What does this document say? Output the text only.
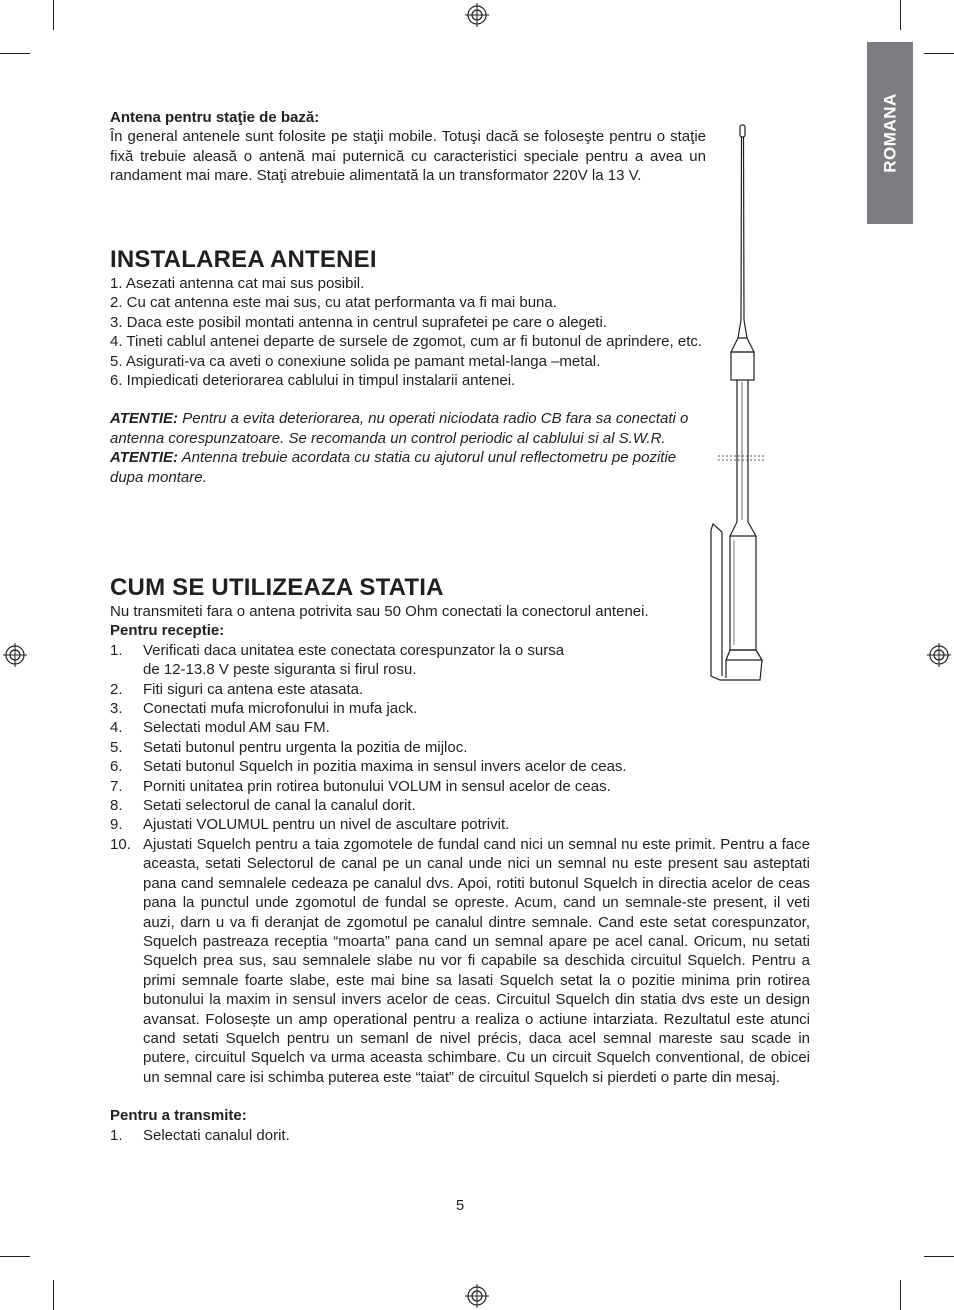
ROMANA
Antena pentru staţie de bază:
În general antenele sunt folosite pe staţii mobile. Totuşi dacă se foloseşte pentru o staţie fixă trebuie aleasă o antenă mai puternică cu caracteristici speciale pentru a avea un randament mai mare. Staţi atrebuie alimentată la un transformator 220V la 13 V.
INSTALAREA ANTENEI
1. Asezati antenna cat mai sus posibil.
2. Cu cat antenna este mai sus, cu atat performanta va fi mai buna.
3. Daca este posibil montati antenna in centrul suprafetei pe care o alegeti.
4. Tineti cablul antenei departe de sursele de zgomot, cum ar fi butonul de aprindere, etc.
5. Asigurati-va ca aveti o conexiune solida pe pamant metal-langa –metal.
6. Impiedicati deteriorarea cablului in timpul instalarii antenei.
ATENTIE: Pentru a evita deteriorarea, nu operati niciodata radio CB fara sa conectati o antenna corespunzatoare. Se recomanda un control periodic al cablului si al S.W.R.
ATENTIE: Antenna trebuie acordata cu statia cu ajutorul unul reflectometru pe pozitie dupa montare.
CUM SE UTILIZEAZA STATIA
Nu transmiteti fara o antena potrivita sau 50 Ohm conectati la conectorul antenei.
Pentru receptie:
1. Verificati daca unitatea este conectata corespunzator la o sursa
de 12-13.8 V peste siguranta si firul rosu.
2. Fiti siguri ca antena este atasata.
3. Conectati mufa microfonului in mufa jack.
4. Selectati modul AM sau FM.
5. Setati butonul pentru urgenta la pozitia de mijloc.
6. Setati butonul Squelch in pozitia maxima in sensul invers acelor de ceas.
7. Porniti unitatea prin rotirea butonului VOLUM in sensul acelor de ceas.
8. Setati selectorul de canal la canalul dorit.
9. Ajustati VOLUMUL pentru un nivel de ascultare potrivit.
10. Ajustati Squelch pentru a taia zgomotele de fundal cand nici un semnal nu este primit. Pentru a face aceasta, setati Selectorul de canal pe un canal unde nici un semnal nu este present sau asteptati pana cand semnalele cedeaza pe canalul dvs. Apoi, rotiti butonul Squelch in directia acelor de ceas pana la punctul unde zgomotul de fundal se opreste. Acum, cand un semnale-ste present, il veti auzi, darn u va fi deranjat de zgomotul pe canalul dintre semnale. Cand este setat corespunzator, Squelch pastreaza receptia “moarta” pana cand un semnal apare pe acel canal. Oricum, nu setati Squelch prea sus, sau semnalele slabe nu vor fi capabile sa deschida circuitul Squelch. Pentru a primi semnale foarte slabe, este mai bine sa lasati Squelch setat la o pozitie minima prin rotirea butonului la maxim in sensul invers acelor de ceas. Circuitul Squelch din statia dvs este un design avansat. Folosește un amp operational pentru a realiza o actiune intarziata. Rezultatul este atunci cand setati Squelch pentru un semanl de nivel précis, daca acel semnal mareste sau scade in putere, circuitul Squelch va urma aceasta schimbare. Cu un circuit Squelch conventional, de obicei un semnal care isi schimba puterea este “taiat” de circuitul Squelch si pierdeti o parte din mesaj.
Pentru a transmite:
1. Selectati canalul dorit.
5
